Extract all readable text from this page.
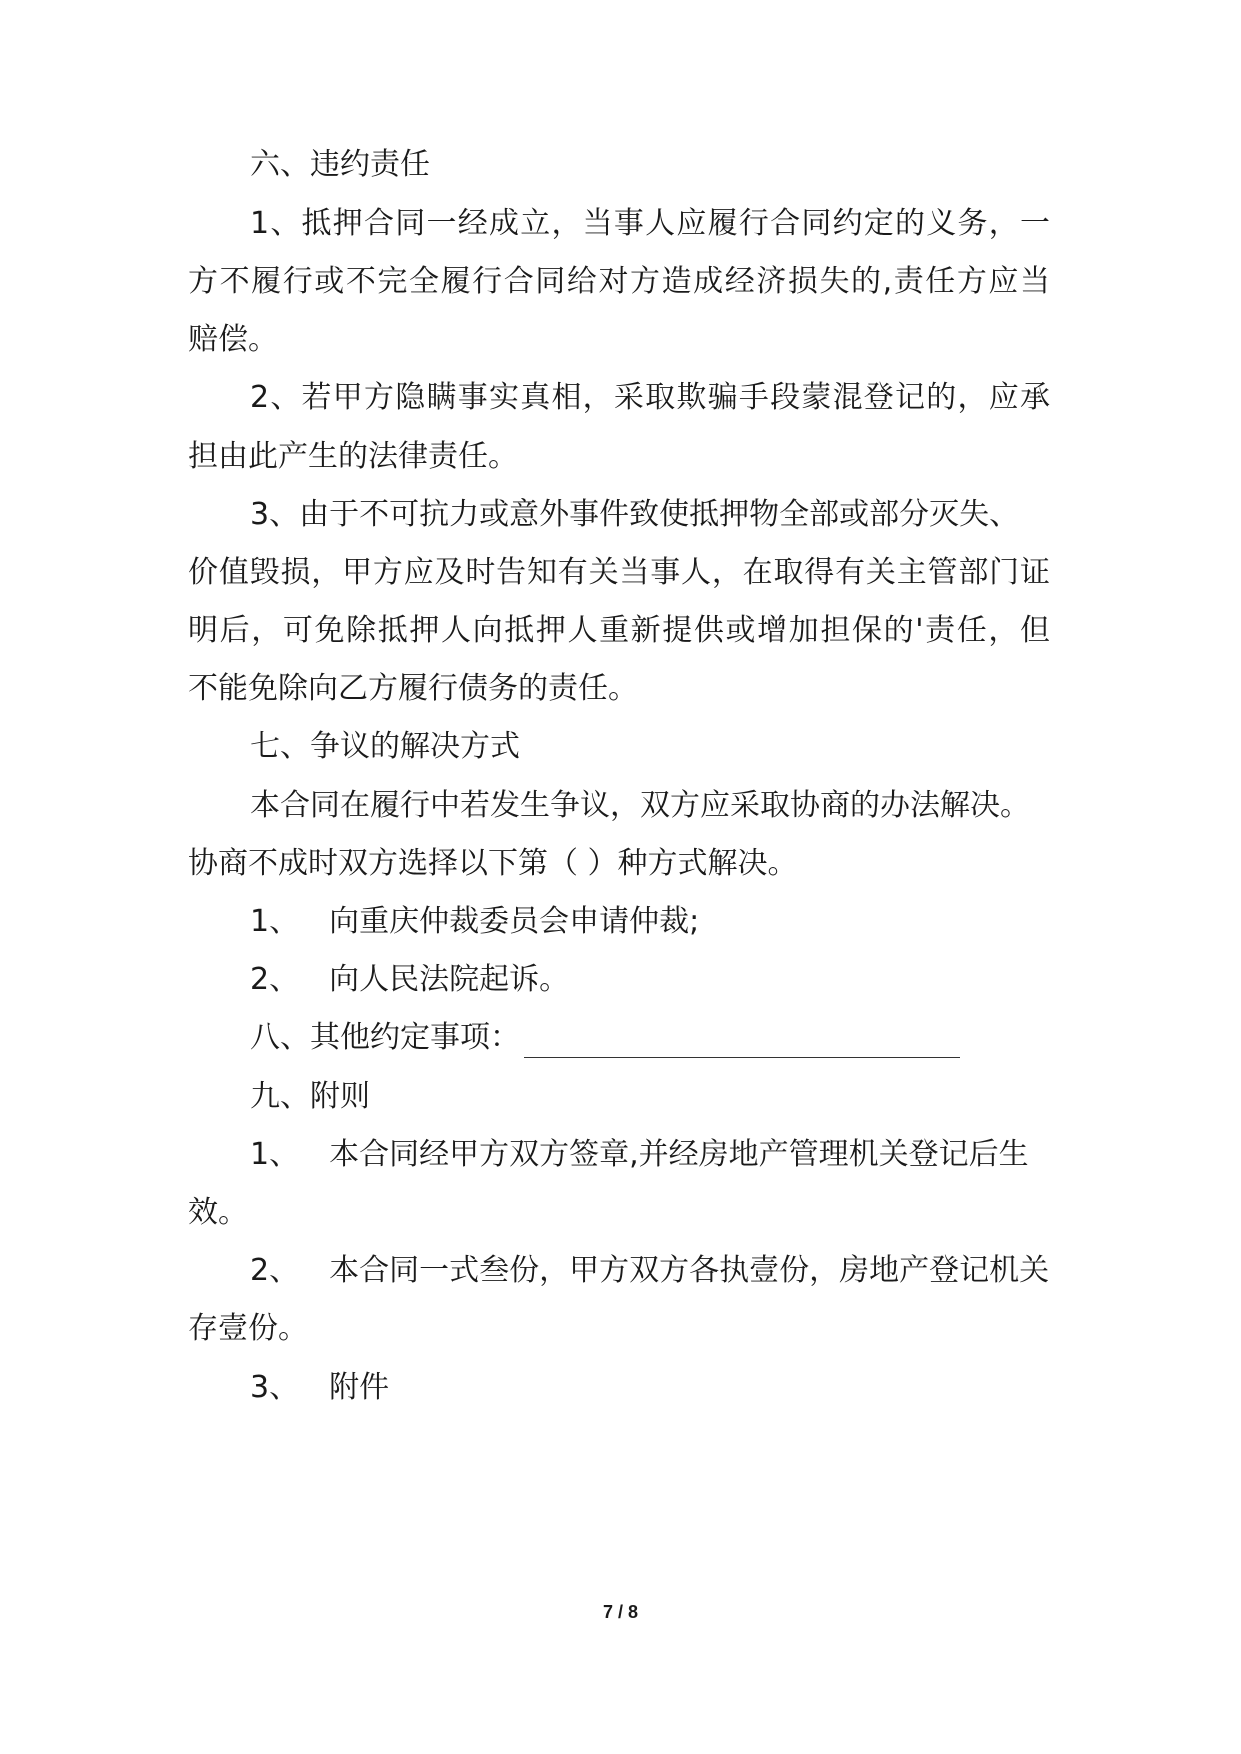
六、违约责任
1、抵押合同一经成立，当事人应履行合同约定的义务，一
方不履行或不完全履行合同给对方造成经济损失的,责任方应当
赔偿。
2、若甲方隐瞒事实真相，采取欺骗手段蒙混登记的，应承
担由此产生的法律责任。
3、由于不可抗力或意外事件致使抵押物全部或部分灭失、
价值毁损，甲方应及时告知有关当事人，在取得有关主管部门证
明后，可免除抵押人向抵押人重新提供或增加担保的'责任，但
不能免除向乙方履行债务的责任。
七、争议的解决方式
本合同在履行中若发生争议，双方应采取协商的办法解决。
协商不成时双方选择以下第（ ）种方式解决。
1、 向重庆仲裁委员会申请仲裁;
2、 向人民法院起诉。
八、其他约定事项：
九、附则
1、 本合同经甲方双方签章,并经房地产管理机关登记后生
效。
2、 本合同一式叁份，甲方双方各执壹份，房地产登记机关
存壹份。
3、 附件
7 / 8
